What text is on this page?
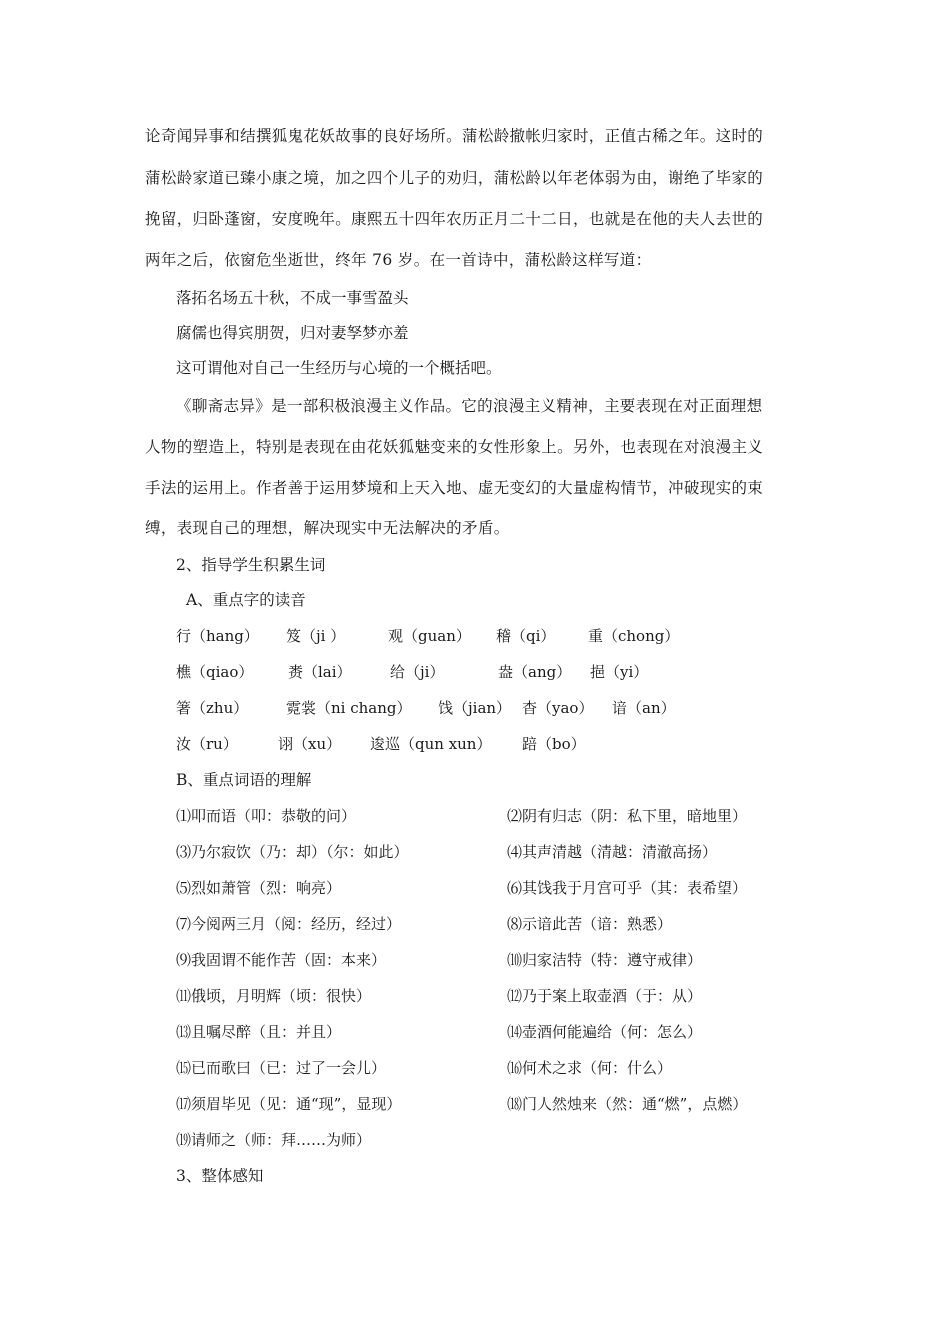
论奇闻异事和结撰狐鬼花妖故事的良好场所。蒲松龄撤帐归家时，正值古稀之年。这时的
蒲松龄家道已臻小康之境，加之四个儿子的劝归，蒲松龄以年老体弱为由，谢绝了毕家的
挽留，归卧蓬窗，安度晚年。康熙五十四年农历正月二十二日，也就是在他的夫人去世的
两年之后，依窗危坐逝世，终年 76 岁。在一首诗中，蒲松龄这样写道：
落拓名场五十秋，不成一事雪盈头
腐儒也得宾朋贺，归对妻孥梦亦羞
这可谓他对自己一生经历与心境的一个概括吧。
《聊斋志异》是一部积极浪漫主义作品。它的浪漫主义精神，主要表现在对正面理想
人物的塑造上，特别是表现在由花妖狐魅变来的女性形象上。另外，也表现在对浪漫主义
手法的运用上。作者善于运用梦境和上天入地、虚无变幻的大量虚构情节，冲破现实的束
缚，表现自己的理想，解决现实中无法解决的矛盾。
2、指导学生积累生词
A、重点字的读音
行（hang） 笈（ji ）	观（guan） 稽（qi） 重（chong）
樵（qiao） 赉（lai）	给（ji）	盎（ang） 挹（yi）
箸（zhu）	霓裳（ni chang） 饯（jian） 杳（yao） 谙（an）
汝（ru）	诩（xu） 逡巡（qun xun） 踣（bo）
B、重点词语的理解
⑴叩而语（叩：恭敬的问）	⑵阴有归志（阴：私下里，暗地里）
⑶乃尔寂饮（乃：却）（尔：如此）	⑷其声清越（清越：清澈高扬）
⑸烈如萧管（烈：响亮）	⑹其饯我于月宫可乎（其：表希望）
⑺今阅两三月（阅：经历，经过）	⑻示谙此苦（谙：熟悉）
⑼我固谓不能作苦（固：本来）	⑽归家洁特（特：遵守戒律）
⑾俄顷，月明辉（顷：很快）	⑿乃于案上取壶酒（于：从）
⒀且嘱尽醉（且：并且）	⒁壶酒何能遍给（何：怎么）
⒂已而歌曰（已：过了一会儿）	⒃何术之求（何：什么）
⒄须眉毕见（见：通“现”，显现）	⒅门人然烛来（然：通“燃”，点燃）
⒆请师之（师：拜……为师）
3、整体感知
